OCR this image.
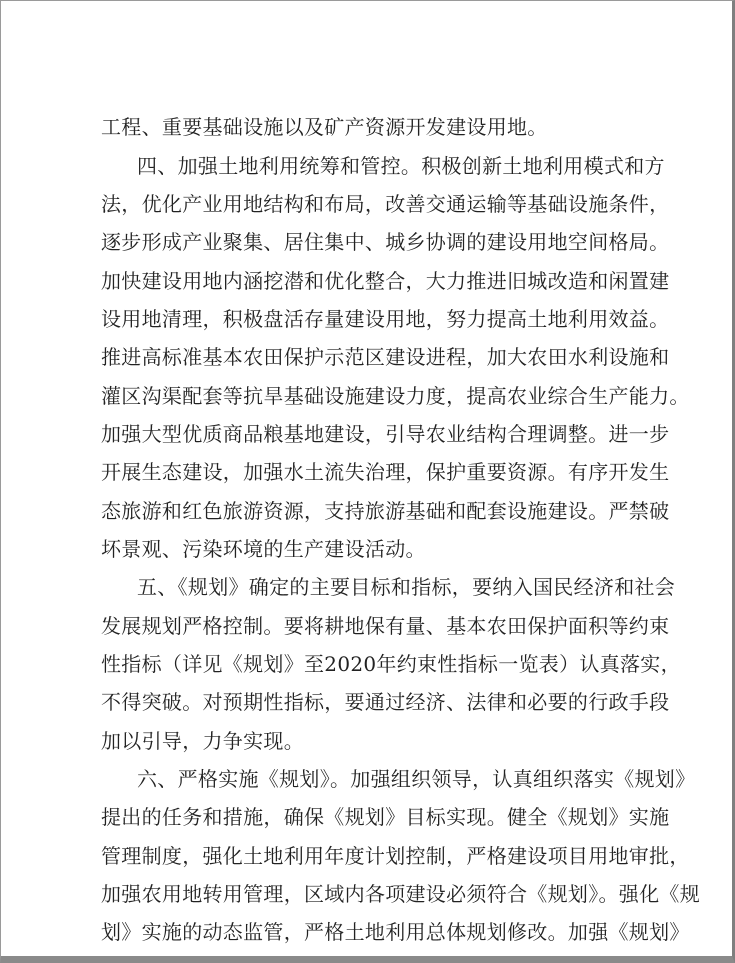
工程、重要基础设施以及矿产资源开发建设用地。
四、加强土地利用统筹和管控。积极创新土地利用模式和方
法，优化产业用地结构和布局，改善交通运输等基础设施条件，
逐步形成产业聚集、居住集中、城乡协调的建设用地空间格局。
加快建设用地内涵挖潜和优化整合，大力推进旧城改造和闲置建
设用地清理，积极盘活存量建设用地，努力提高土地利用效益。
推进高标准基本农田保护示范区建设进程，加大农田水利设施和
灌区沟渠配套等抗旱基础设施建设力度，提高农业综合生产能力。
加强大型优质商品粮基地建设，引导农业结构合理调整。进一步
开展生态建设，加强水土流失治理，保护重要资源。有序开发生
态旅游和红色旅游资源，支持旅游基础和配套设施建设。严禁破
坏景观、污染环境的生产建设活动。
五、《规划》确定的主要目标和指标，要纳入国民经济和社会
发展规划严格控制。要将耕地保有量、基本农田保护面积等约束
性指标（详见《规划》至2020年约束性指标一览表）认真落实，
不得突破。对预期性指标，要通过经济、法律和必要的行政手段
加以引导，力争实现。
六、严格实施《规划》。加强组织领导，认真组织落实《规划》
提出的任务和措施，确保《规划》目标实现。健全《规划》实施
管理制度，强化土地利用年度计划控制，严格建设项目用地审批，
加强农用地转用管理，区域内各项建设必须符合《规划》。强化《规
划》实施的动态监管，严格土地利用总体规划修改。加强《规划》
